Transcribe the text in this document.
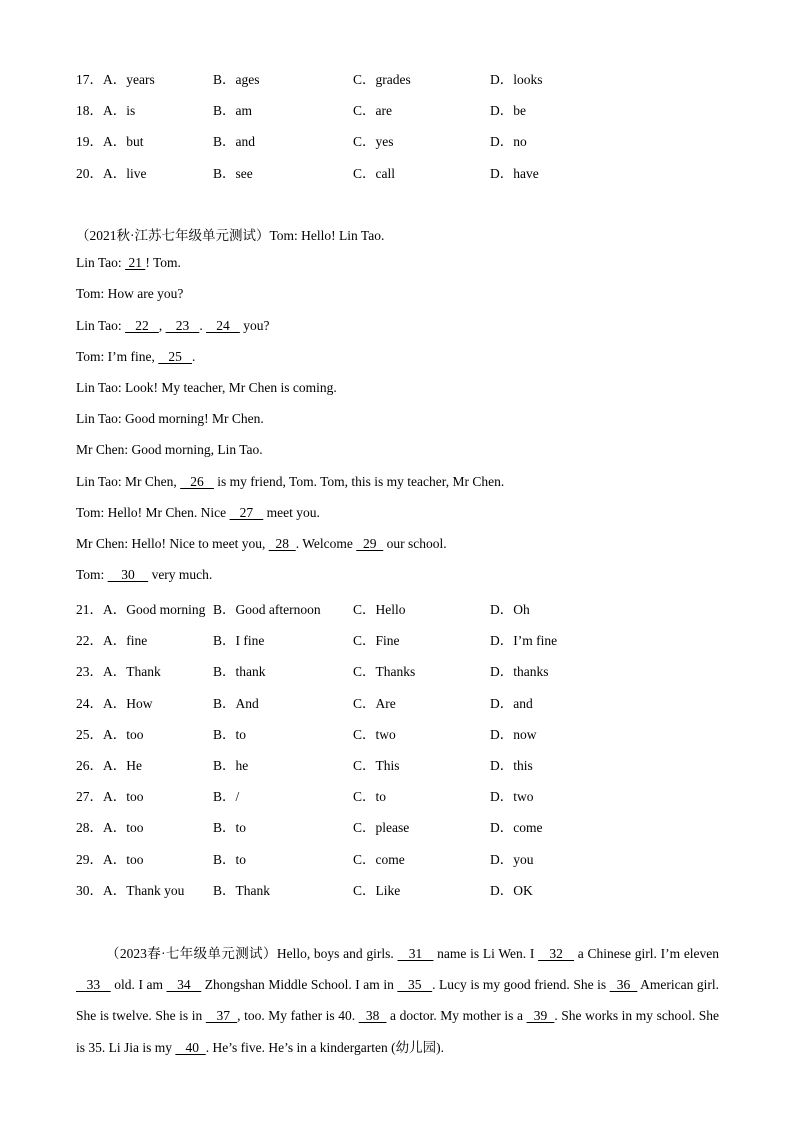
17． A．years	B．ages	C．grades	D．looks
18． A．is	B．am	C．are	D．be
19． A．but	B．and	C．yes	D．no
20． A．live	B．see	C．call	D．have
（2021秋·江苏七年级单元测试）Tom: Hello! Lin Tao.
Lin Tao:  21 ! Tom.
Tom: How are you?
Lin Tao:    22   ,    23   .    24    you?
Tom: I’m fine,    25   .
Lin Tao: Look! My teacher, Mr Chen is coming.
Lin Tao: Good morning! Mr Chen.
Mr Chen: Good morning, Lin Tao.
Lin Tao: Mr Chen,    26    is my friend, Tom. Tom, this is my teacher, Mr Chen.
Tom: Hello! Mr Chen. Nice    27    meet you.
Mr Chen: Hello! Nice to meet you,   28  . Welcome   29   our school.
Tom:     30     very much.
21． A．Good morning B．Good afternoon C．Hello	D．Oh
22． A．fine	B．I fine	C．Fine	D．I’m fine
23． A．Thank	B．thank	C．Thanks	D．thanks
24． A．How	B．And	C．Are	D．and
25． A．too	B．to	C．two	D．now
26． A．He	B．he	C．This	D．this
27． A．too	B．/	C．to	D．two
28． A．too	B．to	C．please	D．come
29． A．too	B．to	C．come	D．you
30． A．Thank you B．Thank	C．Like	D．OK
（2023春·七年级单元测试）Hello, boys and girls.    31    name is Li Wen. I    32    a Chinese girl. I’m eleven    33    old. I am    34    Zhongshan Middle School. I am in    35   . Lucy is my good friend. She is   36   American girl. She is twelve. She is in    37  , too. My father is 40.   38   a doctor. My mother is a   39  . She works in my school. She is 35. Li Jia is my    40  . He’s five. He’s in a kindergarten (幼儿园).
